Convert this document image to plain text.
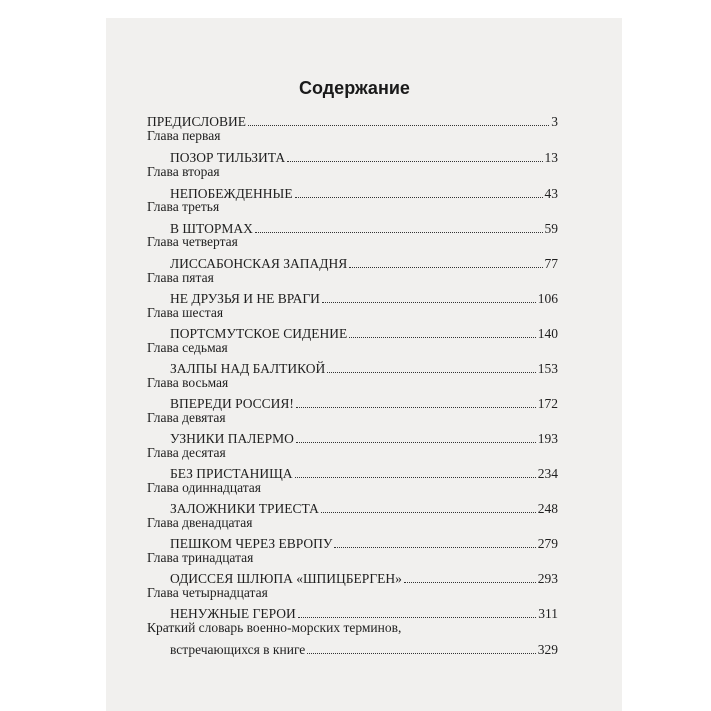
Содержание
ПРЕДИСЛОВИЕ	3
Глава первая
ПОЗОР ТИЛЬЗИТА	13
Глава вторая
НЕПОБЕЖДЕННЫЕ	43
Глава третья
В ШТОРМАХ	59
Глава четвертая
ЛИССАБОНСКАЯ ЗАПАДНЯ	77
Глава пятая
НЕ ДРУЗЬЯ И НЕ ВРАГИ	106
Глава шестая
ПОРТСМУТСКОЕ СИДЕНИЕ	140
Глава седьмая
ЗАЛПЫ НАД БАЛТИКОЙ	153
Глава восьмая
ВПЕРЕДИ РОССИЯ!	172
Глава девятая
УЗНИКИ ПАЛЕРМО	193
Глава десятая
БЕЗ ПРИСТАНИЩА	234
Глава одиннадцатая
ЗАЛОЖНИКИ ТРИЕСТА	248
Глава двенадцатая
ПЕШКОМ ЧЕРЕЗ ЕВРОПУ	279
Глава тринадцатая
ОДИССЕЯ ШЛЮПА «ШПИЦБЕРГЕН»	293
Глава четырнадцатая
НЕНУЖНЫЕ ГЕРОИ	311
Краткий словарь военно-морских терминов,
встречающихся в книге	329
